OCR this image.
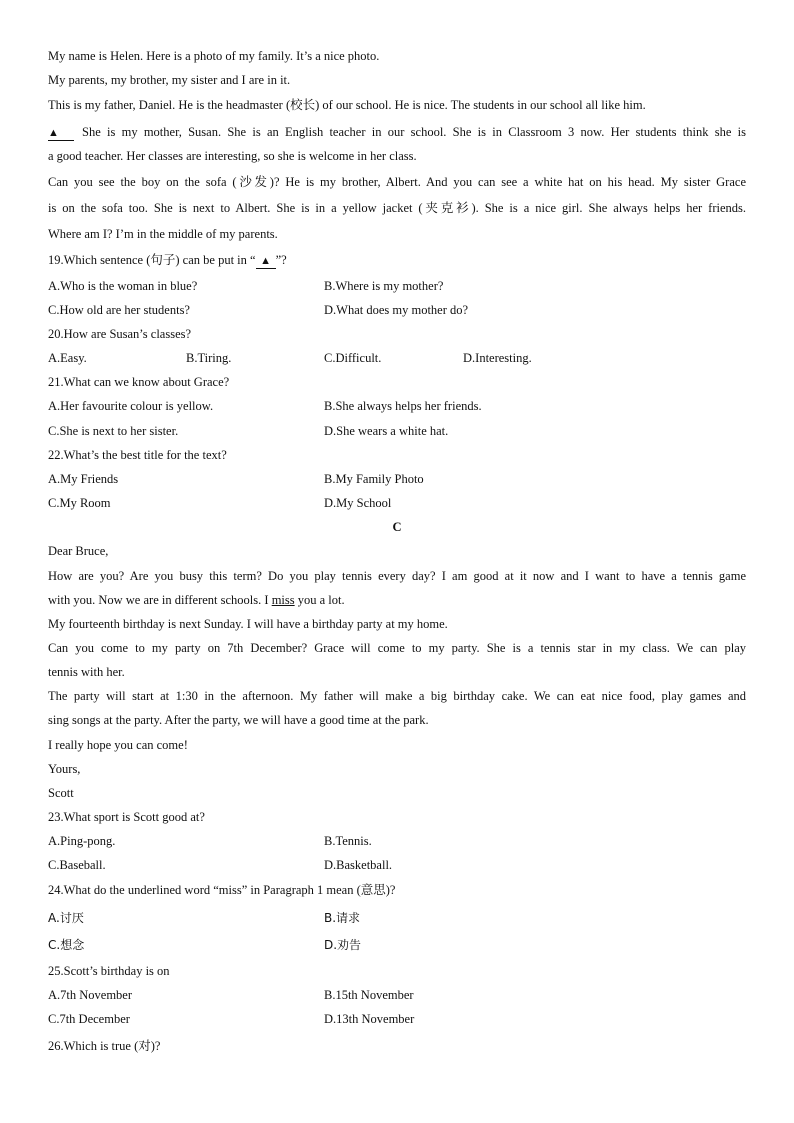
My name is Helen. Here is a photo of my family. It’s a nice photo.
My parents, my brother, my sister and I are in it.
This is my father, Daniel. He is the headmaster (校长) of our school. He is nice. The students in our school all like him.
▲ She is my mother, Susan. She is an English teacher in our school. She is in Classroom 3 now. Her students think she is
a good teacher. Her classes are interesting, so she is welcome in her class.
Can you see the boy on the sofa (沙发)? He is my brother, Albert. And you can see a white hat on his head. My sister Grace
is on the sofa too. She is next to Albert. She is in a yellow jacket (夹克衫). She is a nice girl. She always helps her friends.
Where am I? I’m in the middle of my parents.
19.Which sentence (句子) can be put in “ ▲ ”?
A.Who is the woman in blue?	B.Where is my mother?
C.How old are her students?	D.What does my mother do?
20.How are Susan’s classes?
A.Easy.	B.Tiring.	C.Difficult.	D.Interesting.
21.What can we know about Grace?
A.Her favourite colour is yellow.	B.She always helps her friends.
C.She is next to her sister.	D.She wears a white hat.
22.What’s the best title for the text?
A.My Friends	B.My Family Photo
C.My Room	D.My School
C
Dear Bruce,
How are you? Are you busy this term? Do you play tennis every day? I am good at it now and I want to have a tennis game
with you. Now we are in different schools. I miss you a lot.
My fourteenth birthday is next Sunday. I will have a birthday party at my home.
Can you come to my party on 7th December? Grace will come to my party. She is a tennis star in my class. We can play
tennis with her.
The party will start at 1:30 in the afternoon. My father will make a big birthday cake. We can eat nice food, play games and
sing songs at the party. After the party, we will have a good time at the park.
I really hope you can come!
Yours,
Scott
23.What sport is Scott good at?
A.Ping-pong.	B.Tennis.
C.Baseball.	D.Basketball.
24.What do the underlined word “miss” in Paragraph 1 mean (意思)?
A.讨厌	B.请求
C.想念	D.劝告
25.Scott’s birthday is on
A.7th November	B.15th November
C.7th December	D.13th November
26.Which is true (对)?
